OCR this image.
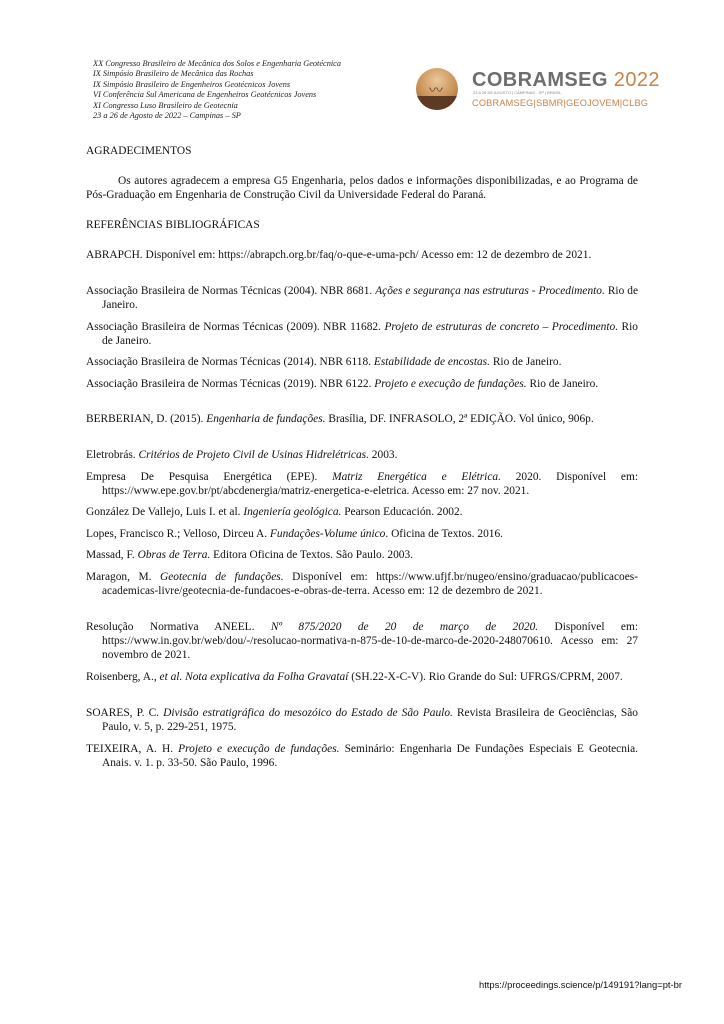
XX Congresso Brasileiro de Mecânica dos Solos e Engenharia Geotécnica
IX Simpósio Brasileiro de Mecânica das Rochas
IX Simpósio Brasileiro de Engenheiros Geotécnicos Jovens
VI Conferência Sul Americana de Engenheiros Geotécnicos Jovens
XI Congresso Luso Brasileiro de Geotecnia
23 a 26 de Agosto de 2022 – Campinas – SP
〰
COBRAMSEG 2022
23 A 26 DE AGOSTO | CAMPINAS - SP | BRASIL
COBRAMSEG|SBMR|GEOJOVEM|CLBG
AGRADECIMENTOS
Os autores agradecem a empresa G5 Engenharia, pelos dados e informações disponibilizadas, e ao Programa de Pós-Graduação em Engenharia de Construção Civil da Universidade Federal do Paraná.
REFERÊNCIAS BIBLIOGRÁFICAS
ABRAPCH. Disponível em: https://abrapch.org.br/faq/o-que-e-uma-pch/ Acesso em: 12 de dezembro de 2021.
Associação Brasileira de Normas Técnicas (2004). NBR 8681. Ações e segurança nas estruturas - Procedimento. Rio de Janeiro.
Associação Brasileira de Normas Técnicas (2009). NBR 11682. Projeto de estruturas de concreto – Procedimento. Rio de Janeiro.
Associação Brasileira de Normas Técnicas (2014). NBR 6118. Estabilidade de encostas. Rio de Janeiro.
Associação Brasileira de Normas Técnicas (2019). NBR 6122. Projeto e execução de fundações. Rio de Janeiro.
BERBERIAN, D. (2015). Engenharia de fundações. Brasília, DF. INFRASOLO, 2ª EDIÇÃO. Vol único, 906p.
Eletrobrás. Critérios de Projeto Civil de Usinas Hidrelétricas. 2003.
Empresa De Pesquisa Energética (EPE). Matriz Energética e Elétrica. 2020. Disponível em: https://www.epe.gov.br/pt/abcdenergia/matriz-energetica-e-eletrica. Acesso em: 27 nov. 2021.
González De Vallejo, Luis I. et al. Ingeniería geológica. Pearson Educación. 2002.
Lopes, Francisco R.; Velloso, Dirceu A. Fundações-Volume único. Oficina de Textos. 2016.
Massad, F. Obras de Terra. Editora Oficina de Textos. São Paulo. 2003.
Maragon, M. Geotecnia de fundações. Disponível em: https://www.ufjf.br/nugeo/ensino/graduacao/publicacoes-academicas-livre/geotecnia-de-fundacoes-e-obras-de-terra. Acesso em: 12 de dezembro de 2021.
Resolução Normativa ANEEL. Nº 875/2020 de 20 de março de 2020. Disponível em: https://www.in.gov.br/web/dou/-/resolucao-normativa-n-875-de-10-de-marco-de-2020-248070610. Acesso em: 27 novembro de 2021.
Roisenberg, A., et al. Nota explicativa da Folha Gravataí (SH.22-X-C-V). Rio Grande do Sul: UFRGS/CPRM, 2007.
SOARES, P. C. Divisão estratigráfica do mesozóico do Estado de São Paulo. Revista Brasileira de Geociências, São Paulo, v. 5, p. 229-251, 1975.
TEIXEIRA, A. H. Projeto e execução de fundações. Seminário: Engenharia De Fundações Especiais E Geotecnia. Anais. v. 1. p. 33-50. São Paulo, 1996.
https://proceedings.science/p/149191?lang=pt-br
